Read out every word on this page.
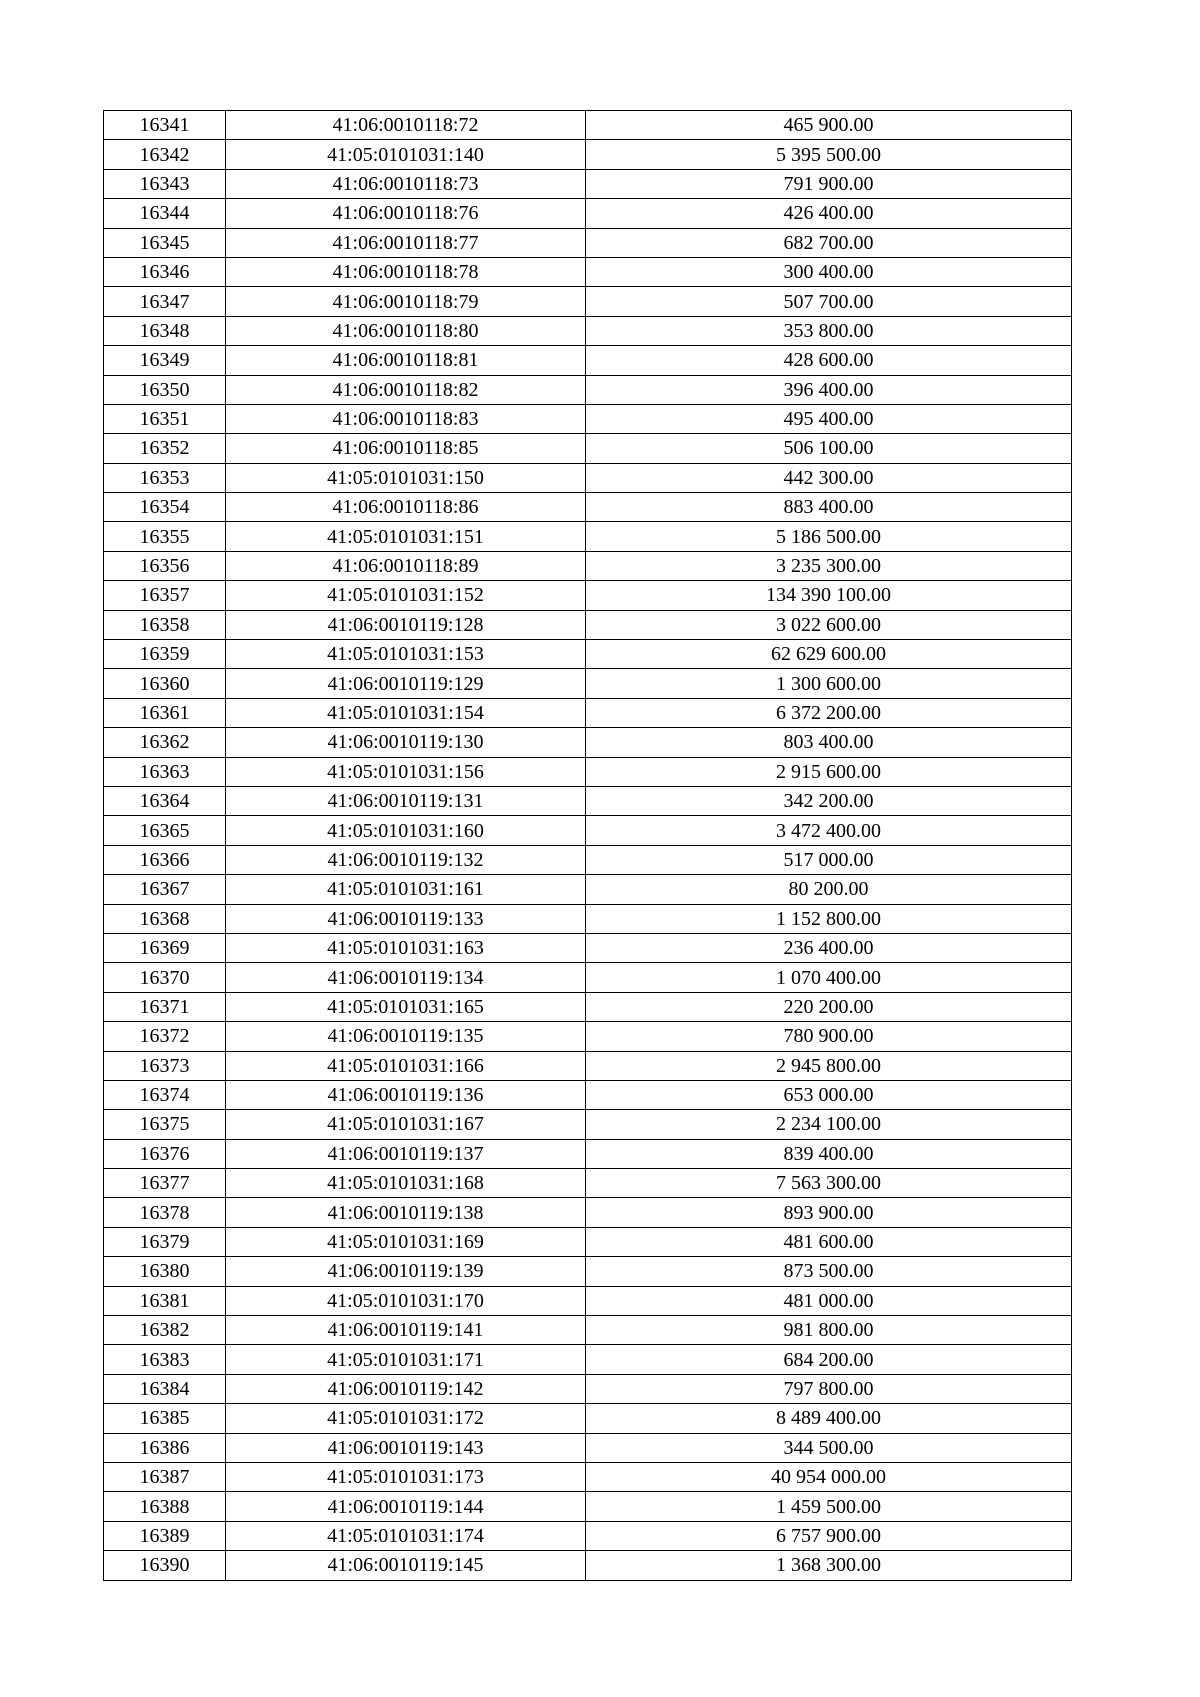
16341	41:06:0010118:72	465 900.00
16342	41:05:0101031:140	5 395 500.00
16343	41:06:0010118:73	791 900.00
16344	41:06:0010118:76	426 400.00
16345	41:06:0010118:77	682 700.00
16346	41:06:0010118:78	300 400.00
16347	41:06:0010118:79	507 700.00
16348	41:06:0010118:80	353 800.00
16349	41:06:0010118:81	428 600.00
16350	41:06:0010118:82	396 400.00
16351	41:06:0010118:83	495 400.00
16352	41:06:0010118:85	506 100.00
16353	41:05:0101031:150	442 300.00
16354	41:06:0010118:86	883 400.00
16355	41:05:0101031:151	5 186 500.00
16356	41:06:0010118:89	3 235 300.00
16357	41:05:0101031:152	134 390 100.00
16358	41:06:0010119:128	3 022 600.00
16359	41:05:0101031:153	62 629 600.00
16360	41:06:0010119:129	1 300 600.00
16361	41:05:0101031:154	6 372 200.00
16362	41:06:0010119:130	803 400.00
16363	41:05:0101031:156	2 915 600.00
16364	41:06:0010119:131	342 200.00
16365	41:05:0101031:160	3 472 400.00
16366	41:06:0010119:132	517 000.00
16367	41:05:0101031:161	80 200.00
16368	41:06:0010119:133	1 152 800.00
16369	41:05:0101031:163	236 400.00
16370	41:06:0010119:134	1 070 400.00
16371	41:05:0101031:165	220 200.00
16372	41:06:0010119:135	780 900.00
16373	41:05:0101031:166	2 945 800.00
16374	41:06:0010119:136	653 000.00
16375	41:05:0101031:167	2 234 100.00
16376	41:06:0010119:137	839 400.00
16377	41:05:0101031:168	7 563 300.00
16378	41:06:0010119:138	893 900.00
16379	41:05:0101031:169	481 600.00
16380	41:06:0010119:139	873 500.00
16381	41:05:0101031:170	481 000.00
16382	41:06:0010119:141	981 800.00
16383	41:05:0101031:171	684 200.00
16384	41:06:0010119:142	797 800.00
16385	41:05:0101031:172	8 489 400.00
16386	41:06:0010119:143	344 500.00
16387	41:05:0101031:173	40 954 000.00
16388	41:06:0010119:144	1 459 500.00
16389	41:05:0101031:174	6 757 900.00
16390	41:06:0010119:145	1 368 300.00
